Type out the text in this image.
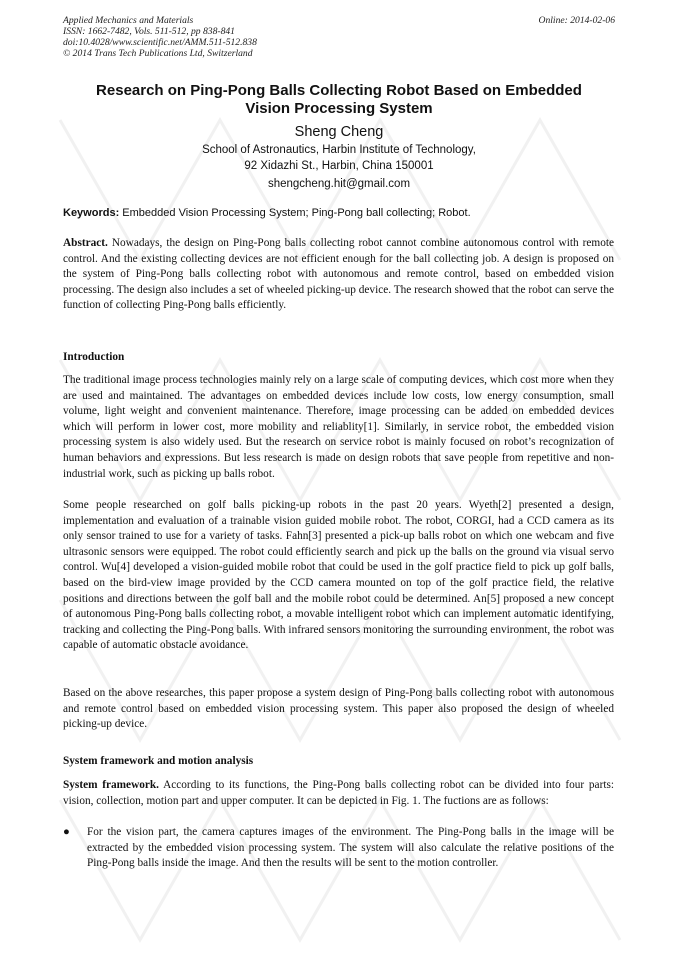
Applied Mechanics and Materials
ISSN: 1662-7482, Vols. 511-512, pp 838-841
doi:10.4028/www.scientific.net/AMM.511-512.838
© 2014 Trans Tech Publications Ltd, Switzerland
Online: 2014-02-06
Research on Ping-Pong Balls Collecting Robot Based on Embedded
Vision Processing System
Sheng Cheng
School of Astronautics, Harbin Institute of Technology,
92 Xidazhi St., Harbin, China 150001
shengcheng.hit@gmail.com
Keywords: Embedded Vision Processing System; Ping-Pong ball collecting; Robot.

Abstract. Nowadays, the design on Ping-Pong balls collecting robot cannot combine autonomous control with remote control. And the existing collecting devices are not efficient enough for the ball collecting job. A design is proposed on the system of Ping-Pong balls collecting robot with autonomous and remote control, based on embedded vision processing. The design also includes a set of wheeled picking-up device. The research showed that the robot can serve the function of collecting Ping-Pong balls efficiently.

Introduction

The traditional image process technologies mainly rely on a large scale of computing devices, which cost more when they are used and maintained. The advantages on embedded devices include low costs, low energy consumption, small volume, light weight and convenient maintenance. Therefore, image processing can be added on embedded devices which will perform in lower cost, more mobility and reliablity[1]. Similarly, in service robot, the embedded vision processing system is also widely used. But the research on service robot is mainly focused on robot’s recognization of human behaviors and expressions. But less research is made on design robots that save people from repetitive and non-industrial work, such as picking up balls robot.

Some people researched on golf balls picking-up robots in the past 20 years. Wyeth[2] presented a design, implementation and evaluation of a trainable vision guided mobile robot. The robot, CORGI, had a CCD camera as its only sensor trained to use for a variety of tasks. Fahn[3] presented a pick-up balls robot on which one webcam and five ultrasonic sensors were equipped. The robot could efficiently search and pick up the balls on the ground via visual servo control. Wu[4] developed a vision-guided mobile robot that could be used in the golf practice field to pick up golf balls, based on the bird-view image provided by the CCD camera mounted on top of the golf practice field, the relative positions and directions between the golf ball and the mobile robot could be determined. An[5] proposed a new concept of autonomous Ping-Pong balls collecting robot, a movable intelligent robot which can implement automatic identifying, tracking and collecting the Ping-Pong balls. With infrared sensors monitoring the surrounding environment, the robot was capable of automatic obstacle avoidance.

Based on the above researches, this paper propose a system design of Ping-Pong balls collecting robot with autonomous and remote control based on embedded vision processing system. This paper also proposed the design of wheeled picking-up device.

System framework and motion analysis

System framework. According to its functions, the Ping-Pong balls collecting robot can be divided into four parts: vision, collection, motion part and upper computer. It can be depicted in Fig. 1. The fuctions are as follows:

●	For the vision part, the camera captures images of the environment. The Ping-Pong balls in the image will be extracted by the embedded vision processing system. The system will also calculate the relative positions of the Ping-Pong balls inside the image. And then the results will be sent to the motion controller.
